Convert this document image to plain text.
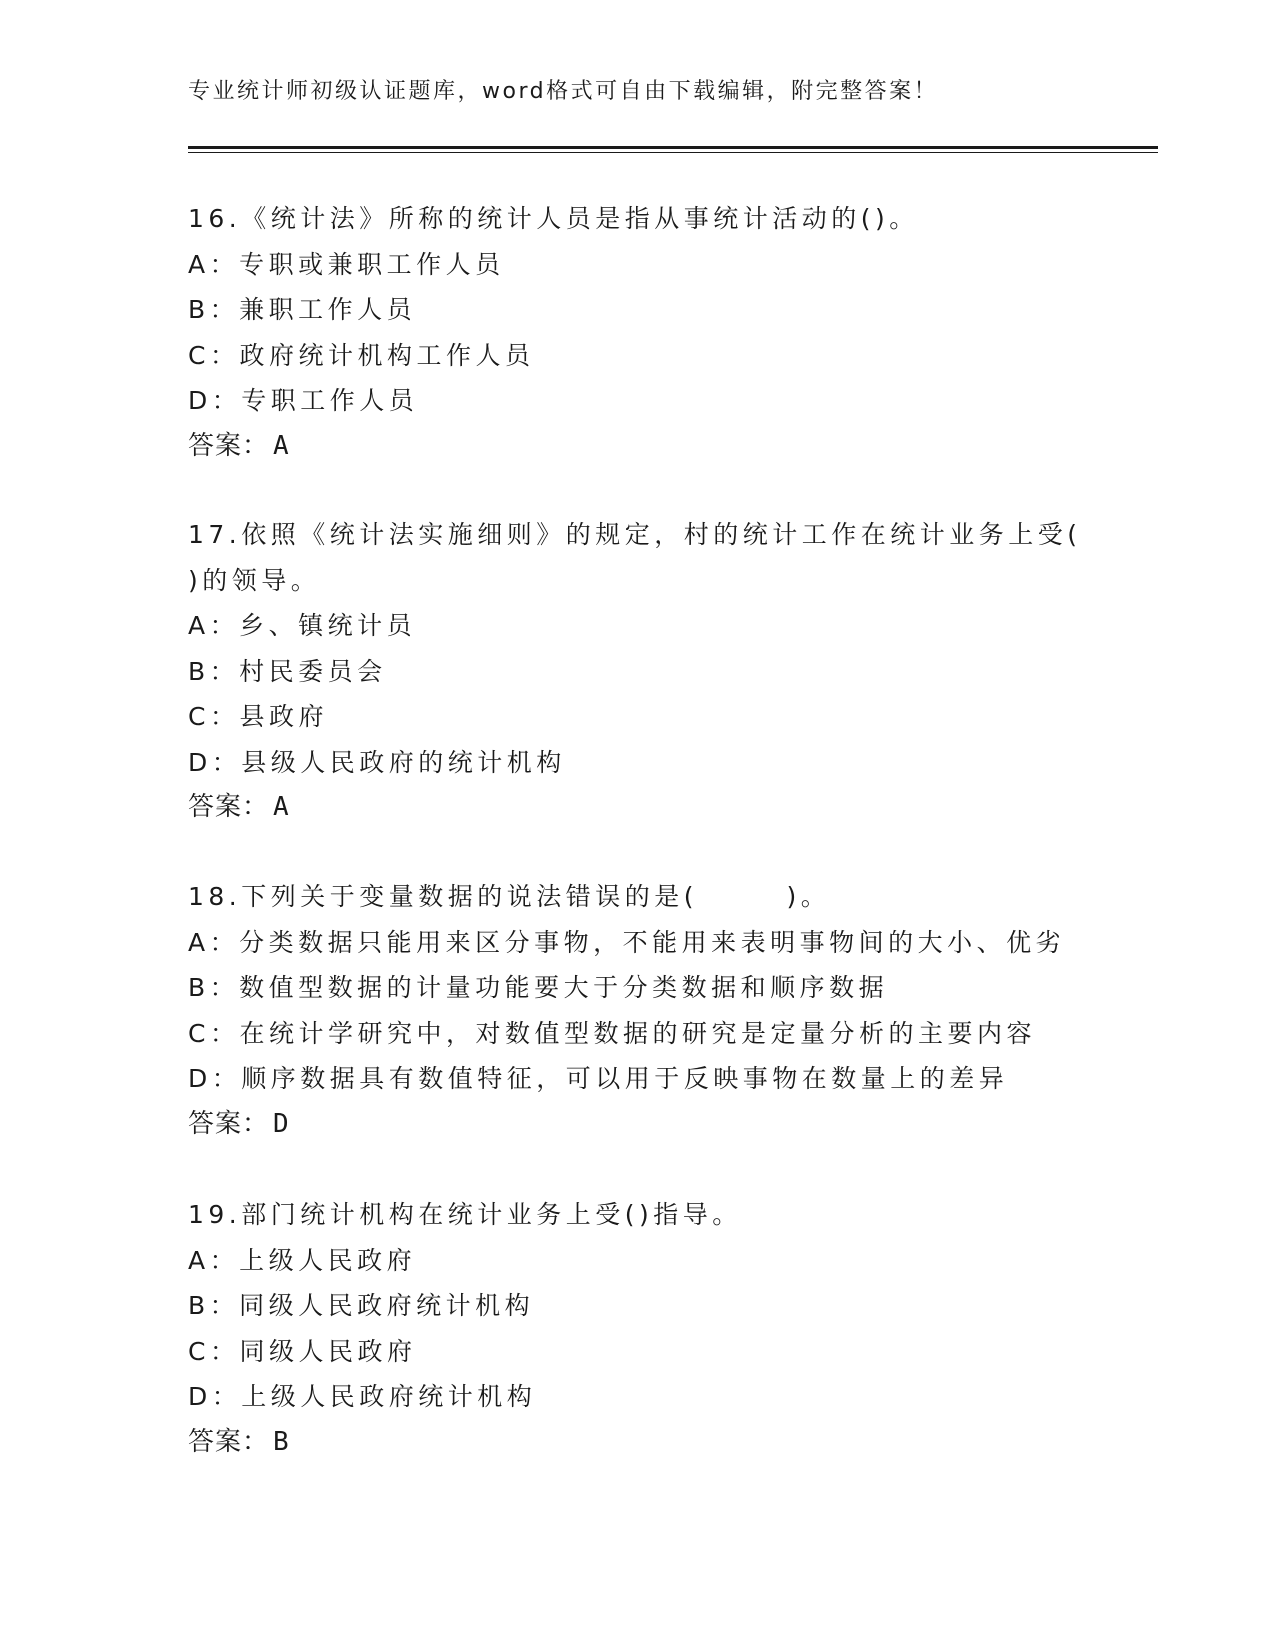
专业统计师初级认证题库，word格式可自由下载编辑，附完整答案！
16.《统计法》所称的统计人员是指从事统计活动的()。
A：专职或兼职工作人员
B：兼职工作人员
C：政府统计机构工作人员
D：专职工作人员
答案： A
17.依照《统计法实施细则》的规定，村的统计工作在统计业务上受(
)的领导。
A：乡、镇统计员
B：村民委员会
C：县政府
D：县级人民政府的统计机构
答案： A
18.下列关于变量数据的说法错误的是(　　　)。
A：分类数据只能用来区分事物，不能用来表明事物间的大小、优劣
B：数值型数据的计量功能要大于分类数据和顺序数据
C：在统计学研究中，对数值型数据的研究是定量分析的主要内容
D：顺序数据具有数值特征，可以用于反映事物在数量上的差异
答案： D
19.部门统计机构在统计业务上受()指导。
A：上级人民政府
B：同级人民政府统计机构
C：同级人民政府
D：上级人民政府统计机构
答案： B
